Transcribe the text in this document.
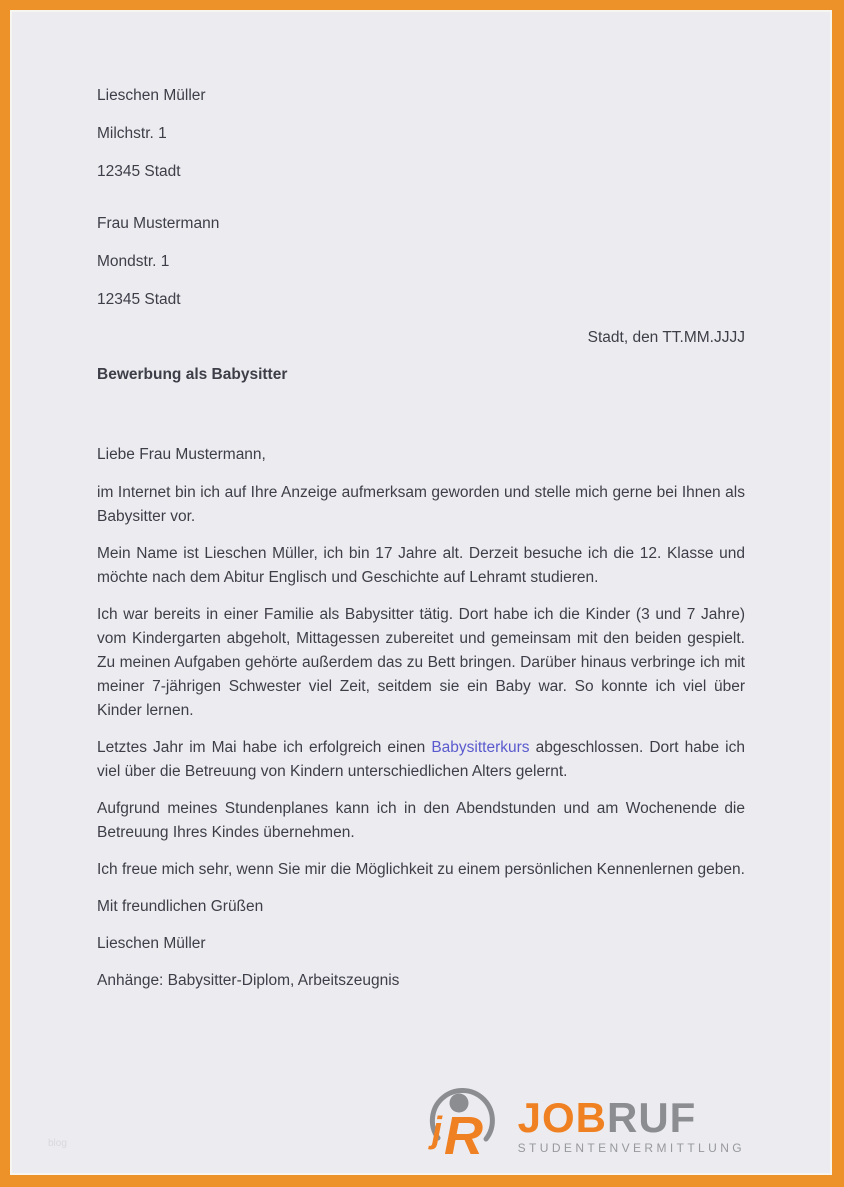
Lieschen Müller

Milchstr. 1

12345 Stadt

Frau Mustermann

Mondstr. 1

12345 Stadt

Stadt, den TT.MM.JJJJ

Bewerbung als Babysitter

Liebe Frau Mustermann,

im Internet bin ich auf Ihre Anzeige aufmerksam geworden und stelle mich gerne bei Ihnen als Babysitter vor.

Mein Name ist Lieschen Müller, ich bin 17 Jahre alt. Derzeit besuche ich die 12. Klasse und möchte nach dem Abitur Englisch und Geschichte auf Lehramt studieren.

Ich war bereits in einer Familie als Babysitter tätig. Dort habe ich die Kinder (3 und 7 Jahre) vom Kindergarten abgeholt, Mittagessen zubereitet und gemeinsam mit den beiden gespielt. Zu meinen Aufgaben gehörte außerdem das zu Bett bringen. Darüber hinaus verbringe ich mit meiner 7-jährigen Schwester viel Zeit, seitdem sie ein Baby war. So konnte ich viel über Kinder lernen.

Letztes Jahr im Mai habe ich erfolgreich einen Babysitterkurs abgeschlossen. Dort habe ich viel über die Betreuung von Kindern unterschiedlichen Alters gelernt.

Aufgrund meines Stundenplanes kann ich in den Abendstunden und am Wochenende die Betreuung Ihres Kindes übernehmen.

Ich freue mich sehr, wenn Sie mir die Möglichkeit zu einem persönlichen Kennenlernen geben.

Mit freundlichen Grüßen

Lieschen Müller

Anhänge: Babysitter-Diplom, Arbeitszeugnis

j R JOBRUF
STUDENTENVERMITTLUNG
blog
